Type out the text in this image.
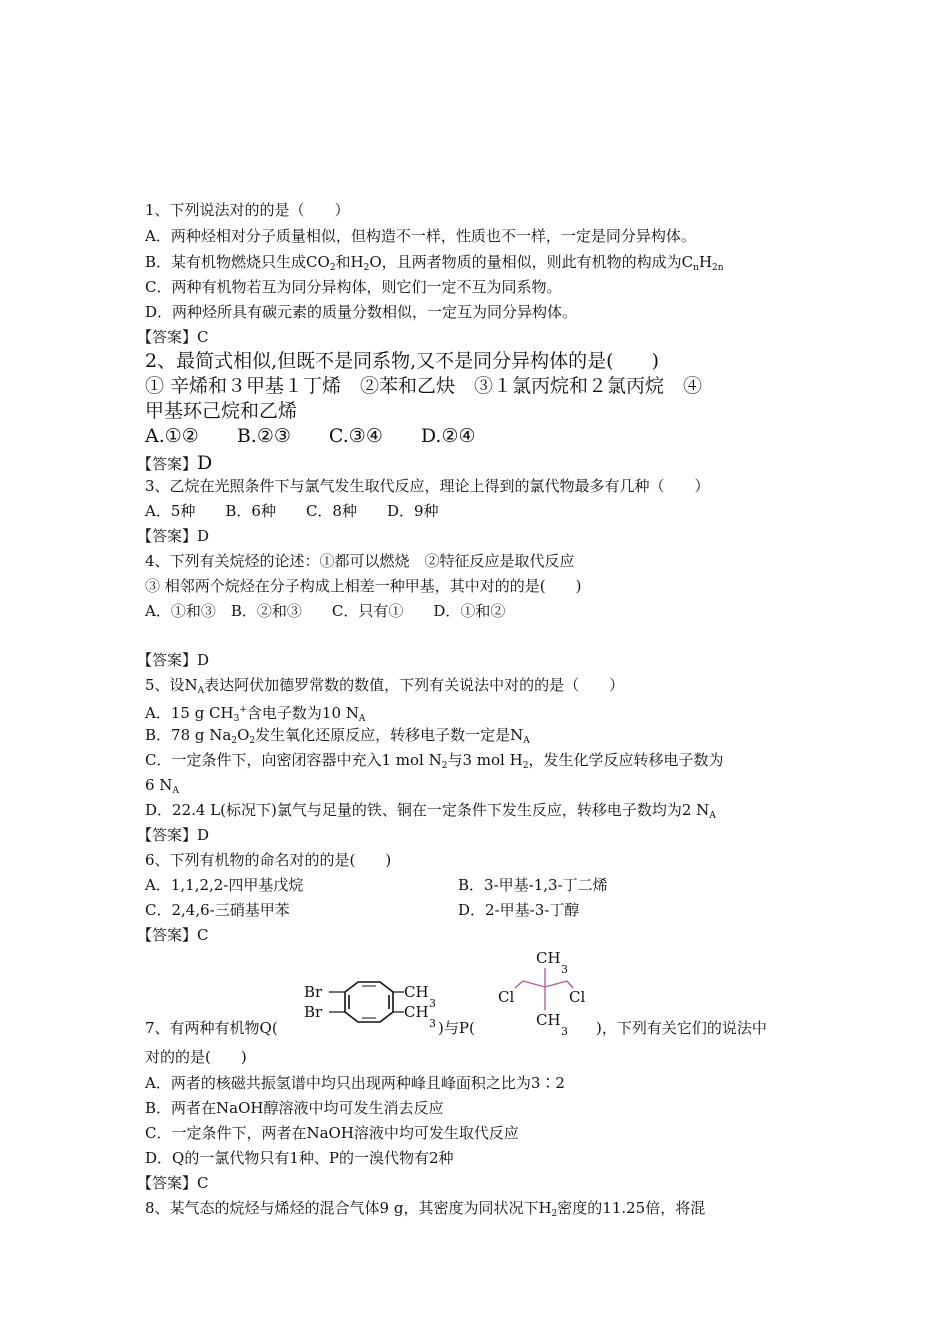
1、下列说法对的的是（　　）
A．两种烃相对分子质量相似，但构造不一样，性质也不一样，一定是同分异构体。
B．某有机物燃烧只生成$CO_2$和$H_2O$，且两者物质的量相似，则此有机物的构成为$C_nH_{2n}$
C．两种有机物若互为同分异构体，则它们一定不互为同系物。
D．两种烃所具有碳元素的质量分数相似，一定互为同分异构体。
【答案】C
2、最简式相似,但既不是同系物,又不是同分异构体的是(　　)
① 辛烯和３甲基１丁烯　②苯和乙炔　③１氯丙烷和２氯丙烷　④
甲基环己烷和乙烯
A.①②　　B.②③　　C.③④　　D.②④
【答案】D
3、乙烷在光照条件下与氯气发生取代反应，理论上得到的氯代物最多有几种（　　）
A．5种　　B．6种　　C．8种　　D．9种
【答案】D
4、下列有关烷烃的论述：①都可以燃烧　②特征反应是取代反应
③ 相邻两个烷烃在分子构成上相差一种甲基，其中对的的是(　　)
A．①和③　B．②和③　　C．只有①　　D．①和②
【答案】D
5、设$N_A$表达阿伏加德罗常数的数值，下列有关说法中对的的是（　　）
A．15 g $CH_3^+$含电子数为10 $N_A$
B．78 g $Na_2O_2$发生氧化还原反应，转移电子数一定是$N_A$
C．一定条件下，向密闭容器中充入1 mol $N_2$与3 mol $H_2$，发生化学反应转移电子数为
6 $N_A$
D．22.4 L(标况下)氯气与足量的铁、铜在一定条件下发生反应，转移电子数均为2 $N_A$
【答案】D
6、下列有机物的命名对的的是(　　)
A．1,1,2,2-四甲基戊烷	B．3-甲基-1,3-丁二烯
C．2,4,6-三硝基甲苯	D．2-甲基-3-丁醇
【答案】C
7、有两种有机物Q(
Br
Br
CH
3
CH
3 )与P(
CH
3
Cl	Cl
CH
3 )，下列有关它们的说法中
对的的是(　　)
A．两者的核磁共振氢谱中均只出现两种峰且峰面积之比为3∶2
B．两者在NaOH醇溶液中均可发生消去反应
C．一定条件下，两者在NaOH溶液中均可发生取代反应
D．Q的一氯代物只有1种、P的一溴代物有2种
【答案】C
8、某气态的烷烃与烯烃的混合气体9 g，其密度为同状况下$H_2$密度的11.25倍，将混
